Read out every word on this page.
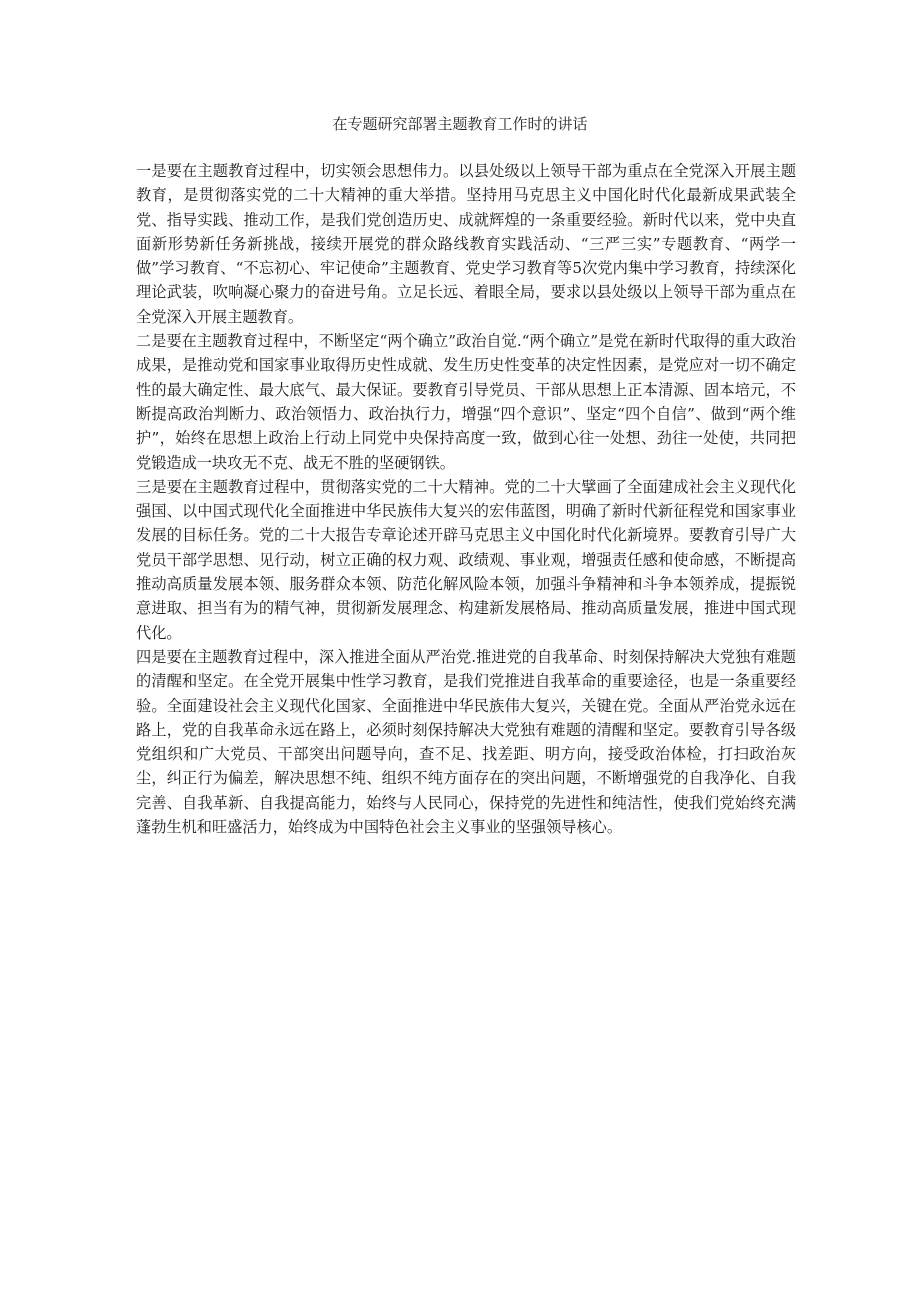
在专题研究部署主题教育工作时的讲话

一是要在主题教育过程中，切实领会思想伟力。以县处级以上领导干部为重点在全党深入开展主题教育，是贯彻落实党的二十大精神的重大举措。坚持用马克思主义中国化时代化最新成果武装全党、指导实践、推动工作，是我们党创造历史、成就辉煌的一条重要经验。新时代以来，党中央直面新形势新任务新挑战，接续开展党的群众路线教育实践活动、“三严三实”专题教育、“两学一做”学习教育、“不忘初心、牢记使命”主题教育、党史学习教育等5次党内集中学习教育，持续深化理论武装，吹响凝心聚力的奋进号角。立足长远、着眼全局，要求以县处级以上领导干部为重点在全党深入开展主题教育。

二是要在主题教育过程中，不断坚定“两个确立”政治自觉.“两个确立”是党在新时代取得的重大政治成果，是推动党和国家事业取得历史性成就、发生历史性变革的决定性因素，是党应对一切不确定性的最大确定性、最大底气、最大保证。要教育引导党员、干部从思想上正本清源、固本培元，不断提高政治判断力、政治领悟力、政治执行力，增强“四个意识”、坚定“四个自信”、做到“两个维护”，始终在思想上政治上行动上同党中央保持高度一致，做到心往一处想、劲往一处使，共同把党锻造成一块攻无不克、战无不胜的坚硬钢铁。

三是要在主题教育过程中，贯彻落实党的二十大精神。党的二十大擘画了全面建成社会主义现代化强国、以中国式现代化全面推进中华民族伟大复兴的宏伟蓝图，明确了新时代新征程党和国家事业发展的目标任务。党的二十大报告专章论述开辟马克思主义中国化时代化新境界。要教育引导广大党员干部学思想、见行动，树立正确的权力观、政绩观、事业观，增强责任感和使命感，不断提高推动高质量发展本领、服务群众本领、防范化解风险本领，加强斗争精神和斗争本领养成，提振锐意进取、担当有为的精气神，贯彻新发展理念、构建新发展格局、推动高质量发展，推进中国式现代化。

四是要在主题教育过程中，深入推进全面从严治党.推进党的自我革命、时刻保持解决大党独有难题的清醒和坚定。在全党开展集中性学习教育，是我们党推进自我革命的重要途径，也是一条重要经验。全面建设社会主义现代化国家、全面推进中华民族伟大复兴，关键在党。全面从严治党永远在路上，党的自我革命永远在路上，必须时刻保持解决大党独有难题的清醒和坚定。要教育引导各级党组织和广大党员、干部突出问题导向，查不足、找差距、明方向，接受政治体检，打扫政治灰尘，纠正行为偏差，解决思想不纯、组织不纯方面存在的突出问题，不断增强党的自我净化、自我完善、自我革新、自我提高能力，始终与人民同心，保持党的先进性和纯洁性，使我们党始终充满蓬勃生机和旺盛活力，始终成为中国特色社会主义事业的坚强领导核心。
